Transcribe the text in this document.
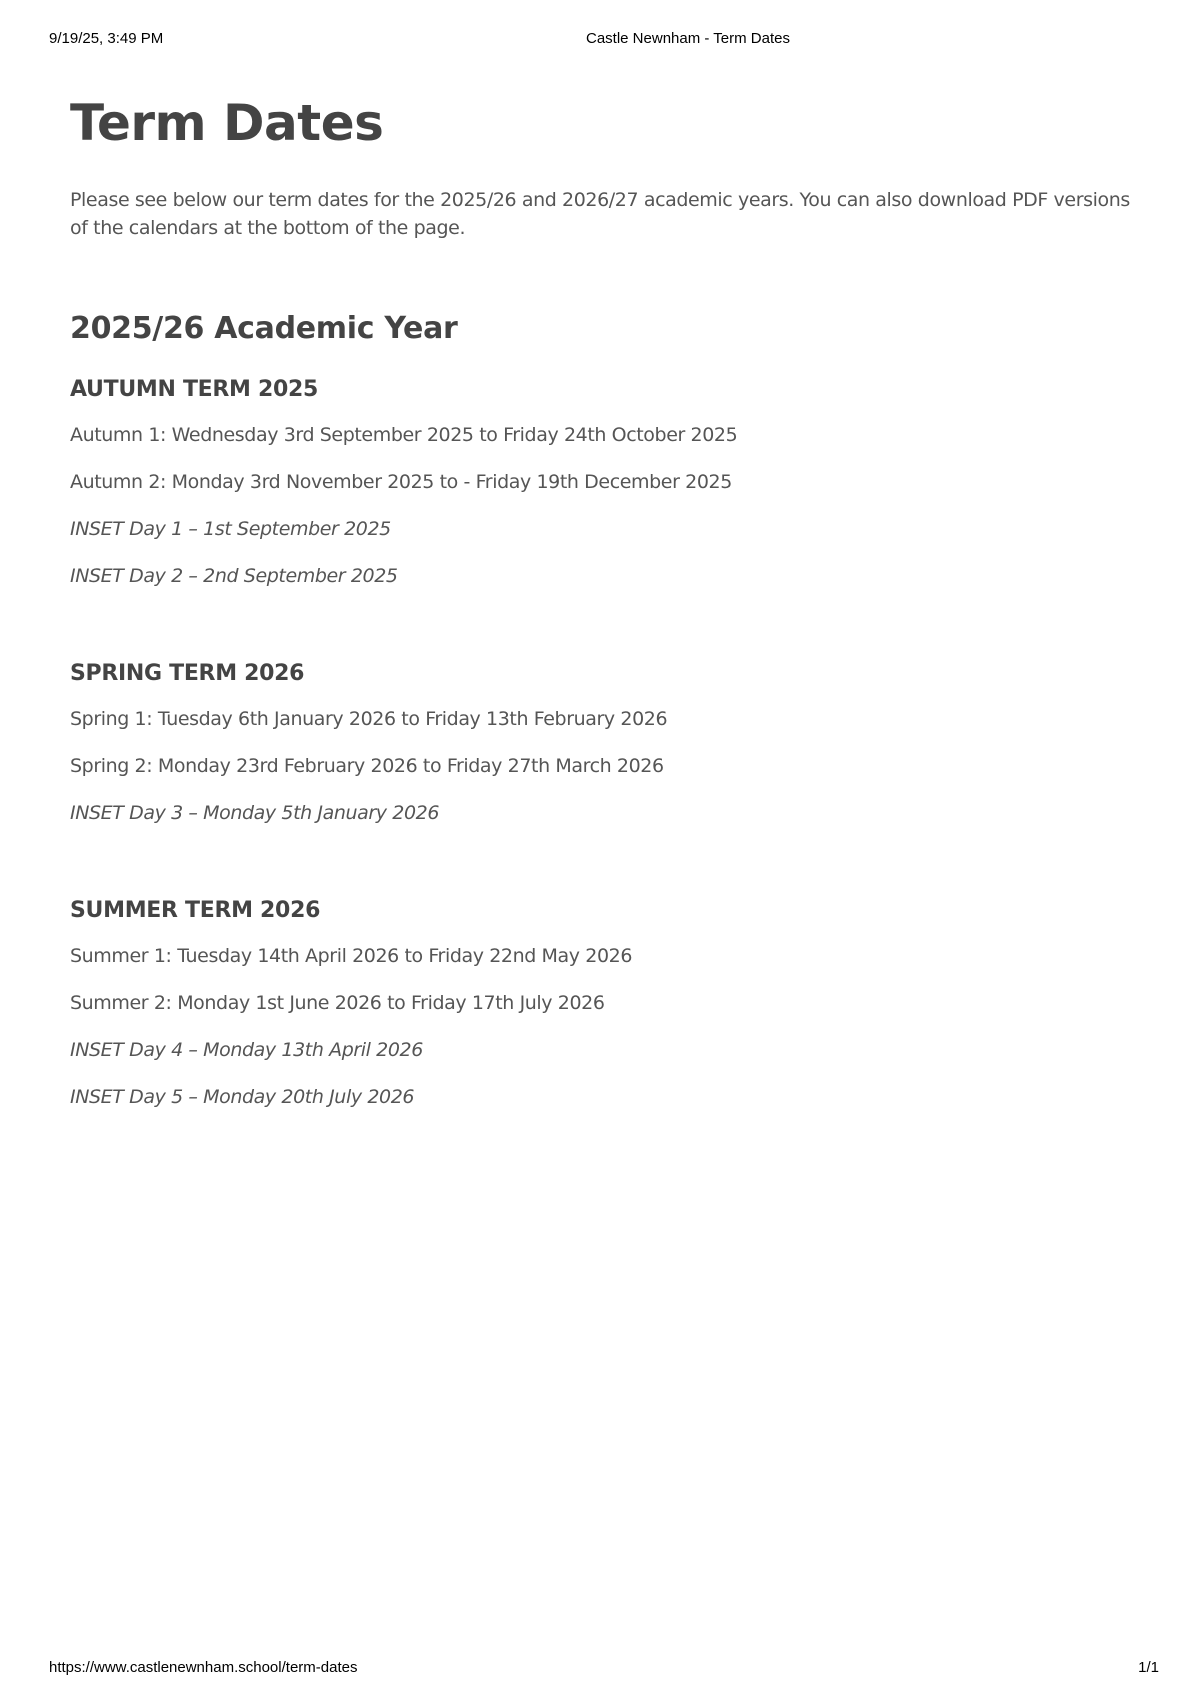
9/19/25, 3:49 PM	Castle Newnham - Term Dates
Term Dates

Please see below our term dates for the 2025/26 and 2026/27 academic years. You can also download PDF versions of the calendars at the bottom of the page.

2025/26 Academic Year
AUTUMN TERM 2025
Autumn 1: Wednesday 3rd September 2025 to Friday 24th October 2025
Autumn 2: Monday 3rd November 2025 to - Friday 19th December 2025
INSET Day 1 – 1st September 2025
INSET Day 2 – 2nd September 2025
SPRING TERM 2026
Spring 1: Tuesday 6th January 2026 to Friday 13th February 2026
Spring 2: Monday 23rd February 2026 to Friday 27th March 2026
INSET Day 3 – Monday 5th January 2026
SUMMER TERM 2026
Summer 1: Tuesday 14th April 2026 to Friday 22nd May 2026
Summer 2: Monday 1st June 2026 to Friday 17th July 2026
INSET Day 4 – Monday 13th April 2026
INSET Day 5 – Monday 20th July 2026
https://www.castlenewnham.school/term-dates	1/1
